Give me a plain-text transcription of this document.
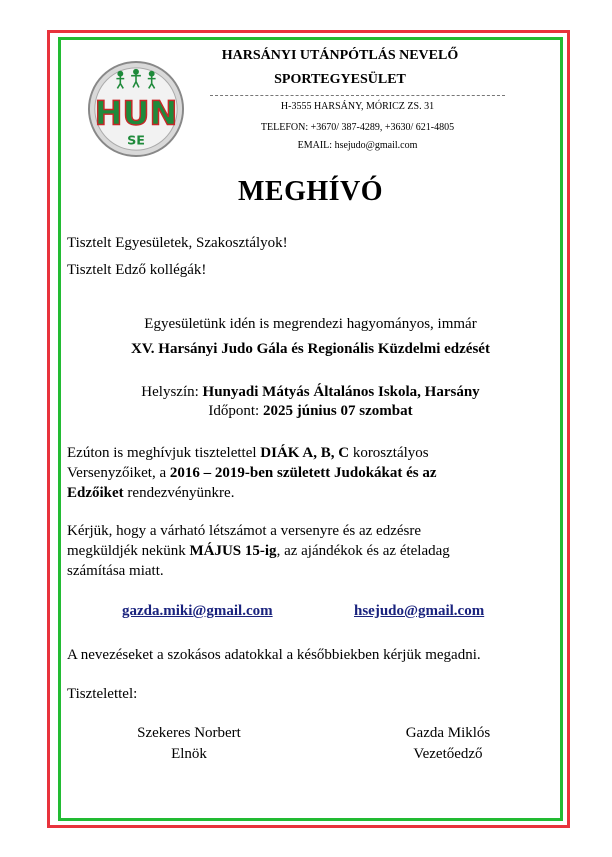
HUN
SE
HARSÁNYI UTÁNPÓTLÁS NEVELŐ
SPORTEGYESÜLET
H-3555 HARSÁNY, MÓRICZ ZS. 31
TELEFON: +3670/ 387-4289, +3630/ 621-4805
EMAIL: hsejudo@gmail.com
MEGHÍVÓ
Tisztelt Egyesületek, Szakosztályok!
Tisztelt Edző kollégák!
Egyesületünk idén is megrendezi hagyományos, immár
XV. Harsányi Judo Gála és Regionális Küzdelmi edzését
Helyszín: Hunyadi Mátyás Általános Iskola, Harsány
Időpont: 2025 június 07 szombat
Ezúton is meghívjuk tisztelettel DIÁK A, B, C korosztályos
Versenyzőiket, a 2016 – 2019-ben született Judokákat és az
Edzőiket rendezvényünkre.
Kérjük, hogy a várható létszámot a versenyre és az edzésre
megküldjék nekünk MÁJUS 15-ig, az ajándékok és az ételadag
számítása miatt.
gazda.miki@gmail.com	hsejudo@gmail.com
A nevezéseket a szokásos adatokkal a későbbiekben kérjük megadni.
Tisztelettel:
Szekeres Norbert
Elnök
Gazda Miklós
Vezetőedző
